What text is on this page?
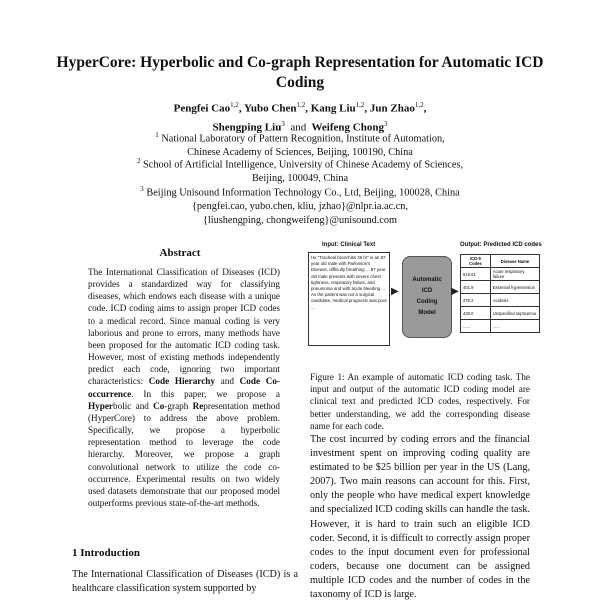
HyperCore: Hyperbolic and Co-graph Representation for Automatic ICD Coding
Pengfei Cao$^{1,2}$, Yubo Chen$^{1,2}$, Kang Liu$^{1,2}$, Jun Zhao$^{1,2}$,
Shengping Liu$^3$ and Weifeng Chong$^3$
$^1$ National Laboratory of Pattern Recognition, Institute of Automation,
Chinese Academy of Sciences, Beijing, 100190, China
$^2$ School of Artificial Intelligence, University of Chinese Academy of Sciences,
Beijing, 100049, China
$^3$ Beijing Unisound Information Technology Co., Ltd, Beijing, 100028, China
{pengfei.cao, yubo.chen, kliu, jzhao}@nlpr.ia.ac.cn,
{liushengping, chongweifeng}@unisound.com
Abstract
The International Classification of Diseases (ICD) provides a standardized way for classifying diseases, which endows each disease with a unique code. ICD coding aims to assign proper ICD codes to a medical record. Since manual coding is very laborious and prone to errors, many methods have been proposed for the automatic ICD coding task. However, most of existing methods independently predict each code, ignoring two important characteristics: Code Hierarchy and Code Co-occurrence. In this paper, we propose a Hyperbolic and Co-graph Representation method (HyperCore) to address the above problem. Specifically, we propose a hyperbolic representation method to leverage the code hierarchy. Moreover, we propose a graph convolutional network to utilize the code co-occurrence. Experimental results on two widely used datasets demonstrate that our proposed model outperforms previous state-of-the-art methods.
1 Introduction
The International Classification of Diseases (ICD) is a healthcare classification system supported by
Input: Clinical Text	Output: Predicted ICD codes
Hx "Tracheal bronchitis 36 hr" is an 87 year old male with Parkinson's Disease, difficulty breathing ... 87 year old male presents with severe chest tightness, respiratory failure, and pneumonia and with acute bleeding ... As the patient was not a surgical candidate, medical prognosis was poor ...
▶
Automatic
ICD
Coding
Model
▶
ICD-9 Codes	Disease Name
518.81	Acute respiratory failure
401.9	Essential hypertension
276.2	Acidosis
428.0	Unspecified septicemia
......	......
Figure 1: An example of automatic ICD coding task. The input and output of the automatic ICD coding model are clinical text and predicted ICD codes, respectively. For better understanding, we add the corresponding disease name for each code.
The cost incurred by coding errors and the financial investment spent on improving coding quality are estimated to be $25 billion per year in the US (Lang, 2007). Two main reasons can account for this. First, only the people who have medical expert knowledge and specialized ICD coding skills can handle the task. However, it is hard to train such an eligible ICD coder. Second, it is difficult to correctly assign proper codes to the input document even for professional coders, because one document can be assigned multiple ICD codes and the number of codes in the taxonomy of ICD is large.
